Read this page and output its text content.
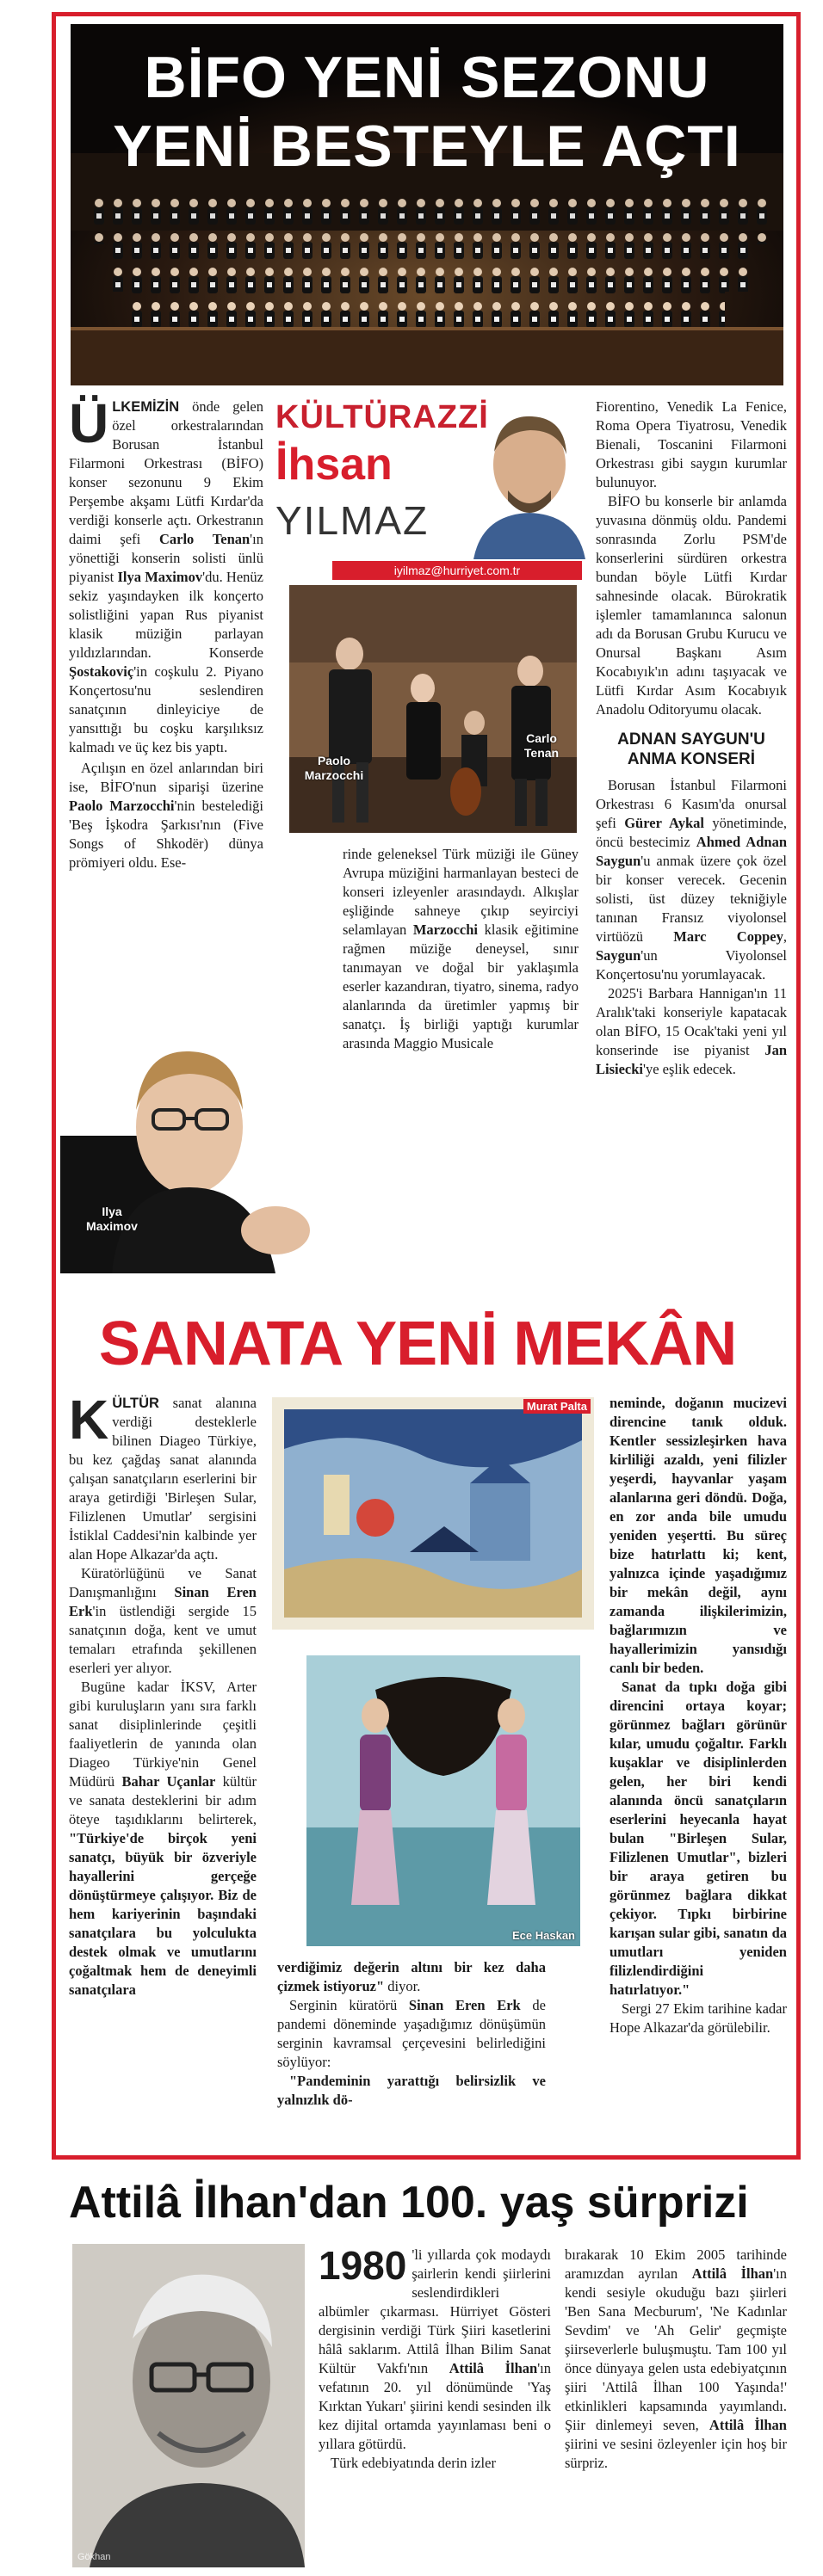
BİFO YENİ SEZONU
YENİ BESTEYLE AÇTI

ÜLKEMİZİN önde gelen özel orkestralarından Borusan İstanbul Filarmoni Orkestrası (BİFO) konser sezonunu 9 Ekim Perşembe akşamı Lütfi Kırdar'da verdiği konserle açtı. Orkestranın daimi şefi Carlo Tenan'ın yönettiği konserin solisti ünlü piyanist Ilya Maximov'du. Henüz sekiz yaşındayken ilk konçerto solistliğini yapan Rus piyanist klasik müziğin parlayan yıldızlarından. Konserde Şostakoviç'in coşkulu 2. Piyano Konçertosu'nu seslendiren sanatçının dinleyiciye de yansıttığı bu coşku karşılıksız kalmadı ve üç kez bis yaptı.

Açılışın en özel anlarından biri ise, BİFO'nun siparişi üzerine Paolo Marzocchi'nin bestelediği 'Beş İşkodra Şarkısı'nın (Five Songs of Shkodër) dünya prömiyeri oldu. Ese-

Ilya
Maximov
KÜLTÜRAZZİ
İhsan
YILMAZ
iyilmaz@hurriyet.com.tr
Paolo
Marzocchi
Carlo
Tenan

rinde geleneksel Türk müziği ile Güney Avrupa müziğini harmanlayan besteci de konseri izleyenler arasındaydı. Alkışlar eşliğinde sahneye çıkıp seyirciyi selamlayan Marzocchi klasik eğitimine rağmen müziğe deneysel, sınır tanımayan ve doğal bir yaklaşımla eserler kazandıran, tiyatro, sinema, radyo alanlarında da üretimler yapmış bir sanatçı. İş birliği yaptığı kurumlar arasında Maggio Musicale

Fiorentino, Venedik La Fenice, Roma Opera Tiyatrosu, Venedik Bienali, Toscanini Filarmoni Orkestrası gibi saygın kurumlar bulunuyor.

BİFO bu konserle bir anlamda yuvasına dönmüş oldu. Pandemi sonrasında Zorlu PSM'de konserlerini sürdüren orkestra bundan böyle Lütfi Kırdar sahnesinde olacak. Bürokratik işlemler tamamlanınca salonun adı da Borusan Grubu Kurucu ve Onursal Başkanı Asım Kocabıyık'ın adını taşıyacak ve Lütfi Kırdar Asım Kocabıyık Anadolu Oditoryumu olacak.

ADNAN SAYGUN'U
ANMA KONSERİ

Borusan İstanbul Filarmoni Orkestrası 6 Kasım'da onursal şefi Gürer Aykal yönetiminde, öncü bestecimiz Ahmed Adnan Saygun'u anmak üzere çok özel bir konser verecek. Gecenin solisti, üst düzey tekniğiyle tanınan Fransız viyolonsel virtüözü Marc Coppey, Saygun'un Viyolonsel Konçertosu'nu yorumlayacak.

2025'i Barbara Hannigan'ın 11 Aralık'taki konseriyle kapatacak olan BİFO, 15 Ocak'taki yeni yıl konserinde ise piyanist Jan Lisiecki'ye eşlik edecek.

SANATA YENİ MEKÂN

KÜLTÜR sanat alanına verdiği desteklerle bilinen Diageo Türkiye, bu kez çağdaş sanat alanında çalışan sanatçıların eserlerini bir araya getirdiği 'Birleşen Sular, Filizlenen Umutlar' sergisini İstiklal Caddesi'nin kalbinde yer alan Hope Alkazar'da açtı.

Küratörlüğünü ve Sanat Danışmanlığını Sinan Eren Erk'in üstlendiği sergide 15 sanatçının doğa, kent ve umut temaları etrafında şekillenen eserleri yer alıyor.

Bugüne kadar İKSV, Arter gibi kuruluşların yanı sıra farklı sanat disiplinlerinde çeşitli faaliyetlerin de yanında olan Diageo Türkiye'nin Genel Müdürü Bahar Uçanlar kültür ve sanata desteklerini bir adım öteye taşıdıklarını belirterek, "Türkiye'de birçok yeni sanatçı, büyük bir özveriyle hayallerini gerçeğe dönüştürmeye çalışıyor. Biz de hem kariyerinin başındaki sanatçılara bu yolculukta destek olmak ve umutlarını çoğaltmak hem de deneyimli sanatçılara

Murat Palta
Ece Haskan

verdiğimiz değerin altını bir kez daha çizmek istiyoruz" diyor.

Serginin küratörü Sinan Eren Erk de pandemi döneminde yaşadığımız dönüşümün serginin kavramsal çerçevesini belirlediğini söylüyor:

"Pandeminin yarattığı belirsizlik ve yalnızlık dö-

neminde, doğanın mucizevi direncine tanık olduk. Kentler sessizleşirken hava kirliliği azaldı, yeni filizler yeşerdi, hayvanlar yaşam alanlarına geri döndü. Doğa, en zor anda bile umudu yeniden yeşertti. Bu süreç bize hatırlattı ki; kent, yalnızca içinde yaşadığımız bir mekân değil, aynı zamanda ilişkilerimizin, bağlarımızın ve hayallerimizin yansıdığı canlı bir beden.

Sanat da tıpkı doğa gibi direncini ortaya koyar; görünmez bağları görünür kılar, umudu çoğaltır. Farklı kuşaklar ve disiplinlerden gelen, her biri kendi alanında öncü sanatçıların eserlerini heyecanla hayat bulan "Birleşen Sular, Filizlenen Umutlar", bizleri bir araya getiren bu görünmez bağlara dikkat çekiyor. Tıpkı birbirine karışan sular gibi, sanatın da umutları yeniden filizlendirdiğini hatırlatıyor."

Sergi 27 Ekim tarihine kadar Hope Alkazar'da görülebilir.

Attilâ İlhan'dan 100. yaş sürprizi
Gökhan

1980 'li yıllarda çok modaydı şairlerin kendi şiirlerini seslendirdikleri albümler çıkarması. Hürriyet Gösteri dergisinin verdiği Türk Şiiri kasetlerini hâlâ saklarım. Attilâ İlhan Bilim Sanat Kültür Vakfı'nın Attilâ İlhan'ın vefatının 20. yıl dönümünde 'Yaş Kırktan Yukarı' şiirini kendi sesinden ilk kez dijital ortamda yayınlaması beni o yıllara götürdü.

Türk edebiyatında derin izler

bırakarak 10 Ekim 2005 tarihinde aramızdan ayrılan Attilâ İlhan'ın kendi sesiyle okuduğu bazı şiirleri 'Ben Sana Mecburum', 'Ne Kadınlar Sevdim' ve 'Ah Gelir' geçmişte şiirseverlerle buluşmuştu. Tam 100 yıl önce dünyaya gelen usta edebiyatçının şiiri 'Attilâ İlhan 100 Yaşında!' etkinlikleri kapsamında yayımlandı. Şiir dinlemeyi seven, Attilâ İlhan şiirini ve sesini özleyenler için hoş bir sürpriz.
